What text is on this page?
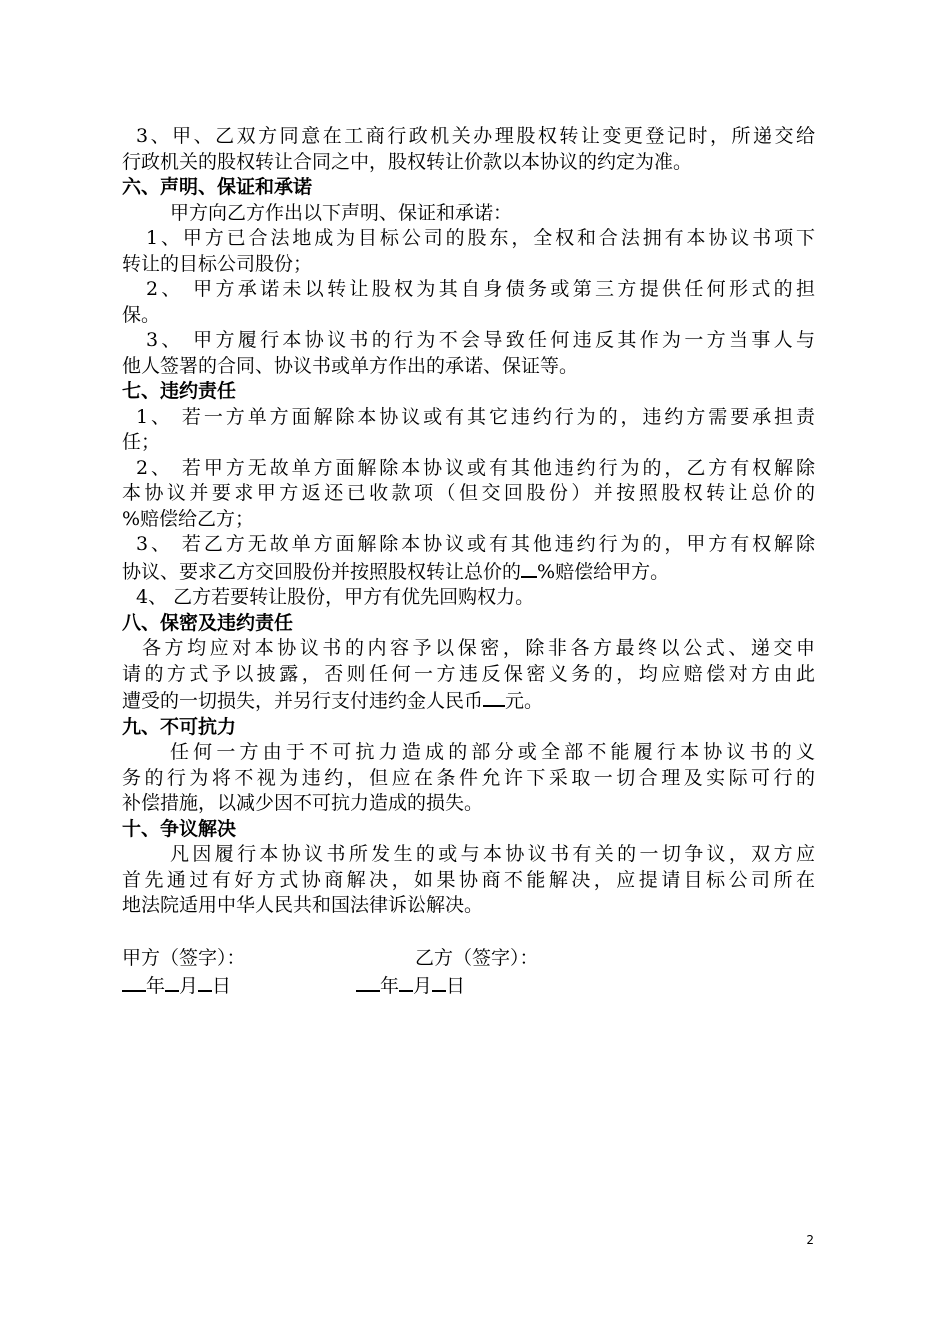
3、甲、乙双方同意在工商行政机关办理股权转让变更登记时，所递交给
行政机关的股权转让合同之中，股权转让价款以本协议的约定为准。
六、声明、保证和承诺
甲方向乙方作出以下声明、保证和承诺：
1、甲方已合法地成为目标公司的股东，全权和合法拥有本协议书项下
转让的目标公司股份；
2、 甲方承诺未以转让股权为其自身债务或第三方提供任何形式的担
保。
3、 甲方履行本协议书的行为不会导致任何违反其作为一方当事人与
他人签署的合同、协议书或单方作出的承诺、保证等。
七、违约责任
1、 若一方单方面解除本协议或有其它违约行为的，违约方需要承担责
任；
2、 若甲方无故单方面解除本协议或有其他违约行为的，乙方有权解除
本协议并要求甲方返还已收款项（但交回股份）并按照股权转让总价的
%赔偿给乙方；
3、 若乙方无故单方面解除本协议或有其他违约行为的，甲方有权解除
协议、要求乙方交回股份并按照股权转让总价的 %赔偿给甲方。
4、 乙方若要转让股份，甲方有优先回购权力。
八、保密及违约责任
各方均应对本协议书的内容予以保密，除非各方最终以公式、递交申
请的方式予以披露，否则任何一方违反保密义务的，均应赔偿对方由此
遭受的一切损失，并另行支付违约金人民币 元。
九、不可抗力
任何一方由于不可抗力造成的部分或全部不能履行本协议书的义
务的行为将不视为违约，但应在条件允许下采取一切合理及实际可行的
补偿措施，以减少因不可抗力造成的损失。
十、争议解决
凡因履行本协议书所发生的或与本协议书有关的一切争议，双方应
首先通过有好方式协商解决，如果协商不能解决，应提请目标公司所在
地法院适用中华人民共和国法律诉讼解决。
甲方（签字）：	乙方（签字）：
年 月 日	年 月 日
2
